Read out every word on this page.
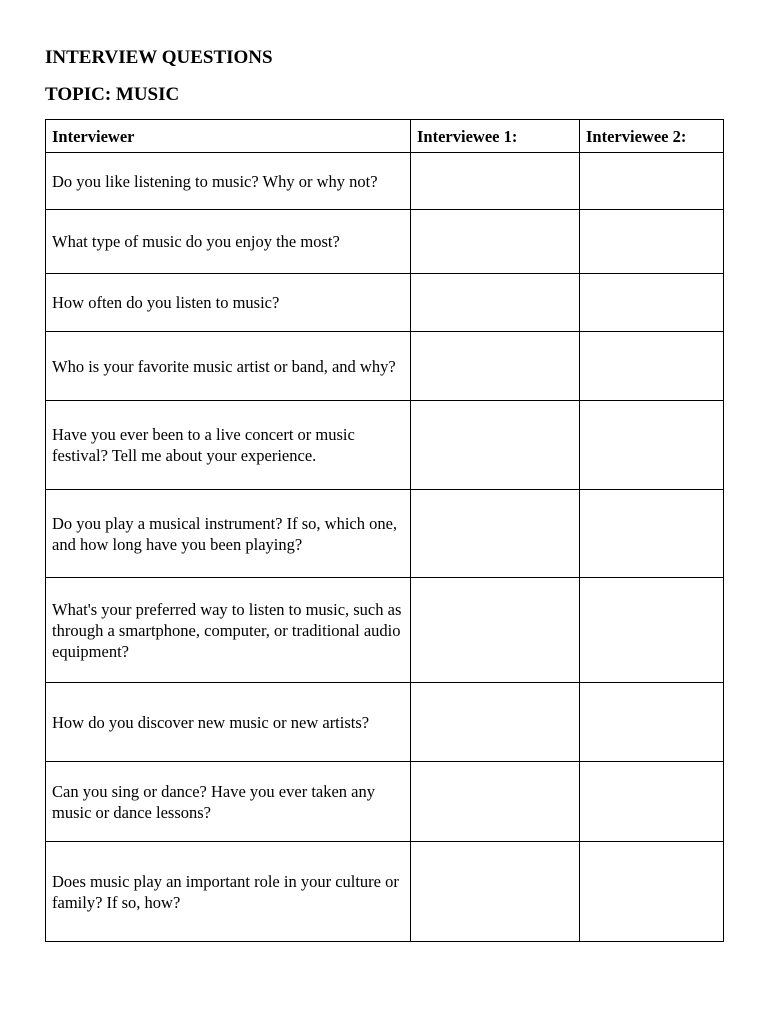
INTERVIEW QUESTIONS
TOPIC: MUSIC
Interviewer	Interviewee 1:	Interviewee 2:
Do you like listening to music? Why or why not?		
What type of music do you enjoy the most?		
How often do you listen to music?		
Who is your favorite music artist or band, and why?		
Have you ever been to a live concert or music festival? Tell me about your experience.		
Do you play a musical instrument? If so, which one, and how long have you been playing?		
What's your preferred way to listen to music, such as through a smartphone, computer, or traditional audio equipment?		
How do you discover new music or new artists?		
Can you sing or dance? Have you ever taken any music or dance lessons?		
Does music play an important role in your culture or family? If so, how?		
